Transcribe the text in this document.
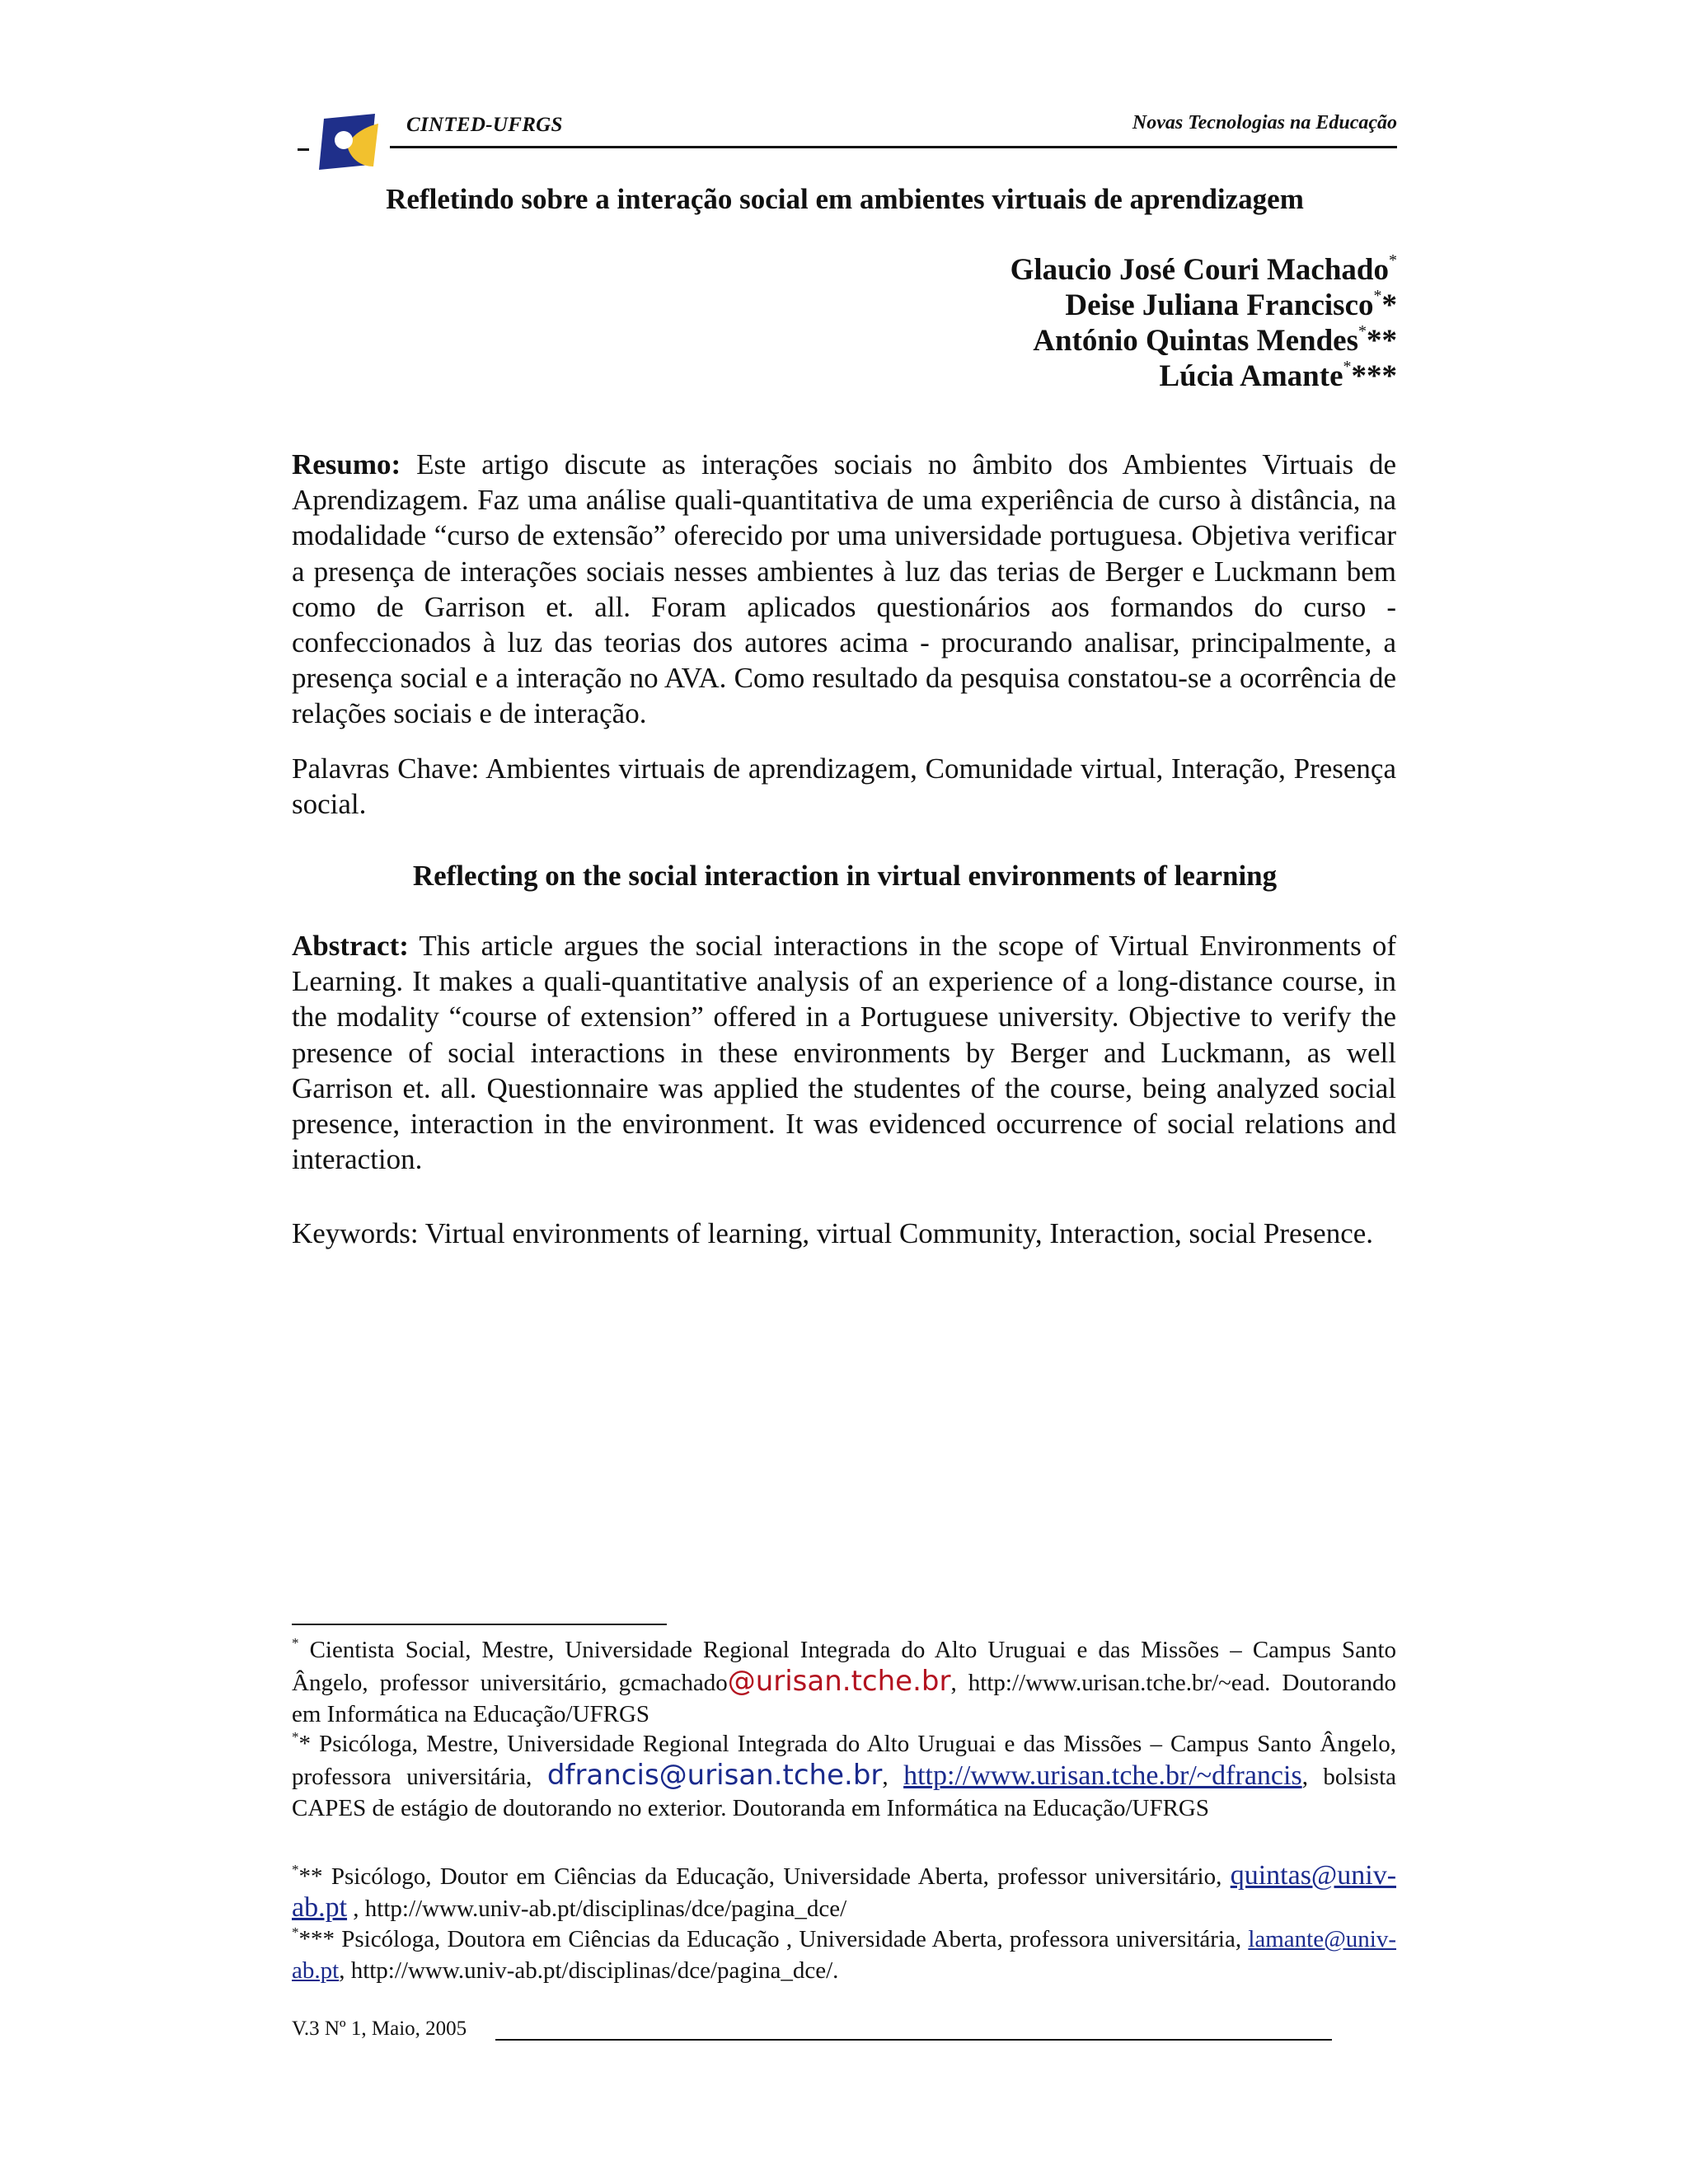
CINTED-UFRGS	Novas Tecnologias na Educação
Refletindo sobre a interação social em ambientes virtuais de aprendizagem
Glaucio José Couri Machado*
Deise Juliana Francisco**
António Quintas Mendes***
Lúcia Amante****
Resumo: Este artigo discute as interações sociais no âmbito dos Ambientes Virtuais de Aprendizagem. Faz uma análise quali-quantitativa de uma experiência de curso à distância, na modalidade “curso de extensão” oferecido por uma universidade portuguesa. Objetiva verificar a presença de interações sociais nesses ambientes à luz das terias de Berger e Luckmann bem como de Garrison et. all. Foram aplicados questionários aos formandos do curso - confeccionados à luz das teorias dos autores acima - procurando analisar, principalmente, a presença social e a interação no AVA. Como resultado da pesquisa constatou-se a ocorrência de relações sociais e de interação.
Palavras Chave: Ambientes virtuais de aprendizagem, Comunidade virtual, Interação, Presença social.
Reflecting on the social interaction in virtual environments of learning
Abstract: This article argues the social interactions in the scope of Virtual Environments of Learning. It makes a quali-quantitative analysis of an experience of a long-distance course, in the modality “course of extension” offered in a Portuguese university. Objective to verify the presence of social interactions in these environments by Berger and Luckmann, as well Garrison et. all. Questionnaire was applied the studentes of the course, being analyzed social presence, interaction in the environment. It was evidenced occurrence of social relations and interaction.
Keywords: Virtual environments of learning, virtual Community, Interaction, social Presence.
* Cientista Social, Mestre, Universidade Regional Integrada do Alto Uruguai e das Missões – Campus Santo Ângelo, professor universitário, gcmachado@urisan.tche.br, http://www.urisan.tche.br/~ead. Doutorando em Informática na Educação/UFRGS
** Psicóloga, Mestre, Universidade Regional Integrada do Alto Uruguai e das Missões – Campus Santo Ângelo, professora universitária, dfrancis@urisan.tche.br, http://www.urisan.tche.br/~dfrancis, bolsista CAPES de estágio de doutorando no exterior. Doutoranda em Informática na Educação/UFRGS
*** Psicólogo, Doutor em Ciências da Educação, Universidade Aberta, professor universitário, quintas@univ-ab.pt , http://www.univ-ab.pt/disciplinas/dce/pagina_dce/
**** Psicóloga, Doutora em Ciências da Educação , Universidade Aberta, professora universitária, lamante@univ-ab.pt, http://www.univ-ab.pt/disciplinas/dce/pagina_dce/.
V.3 Nº 1, Maio, 2005
